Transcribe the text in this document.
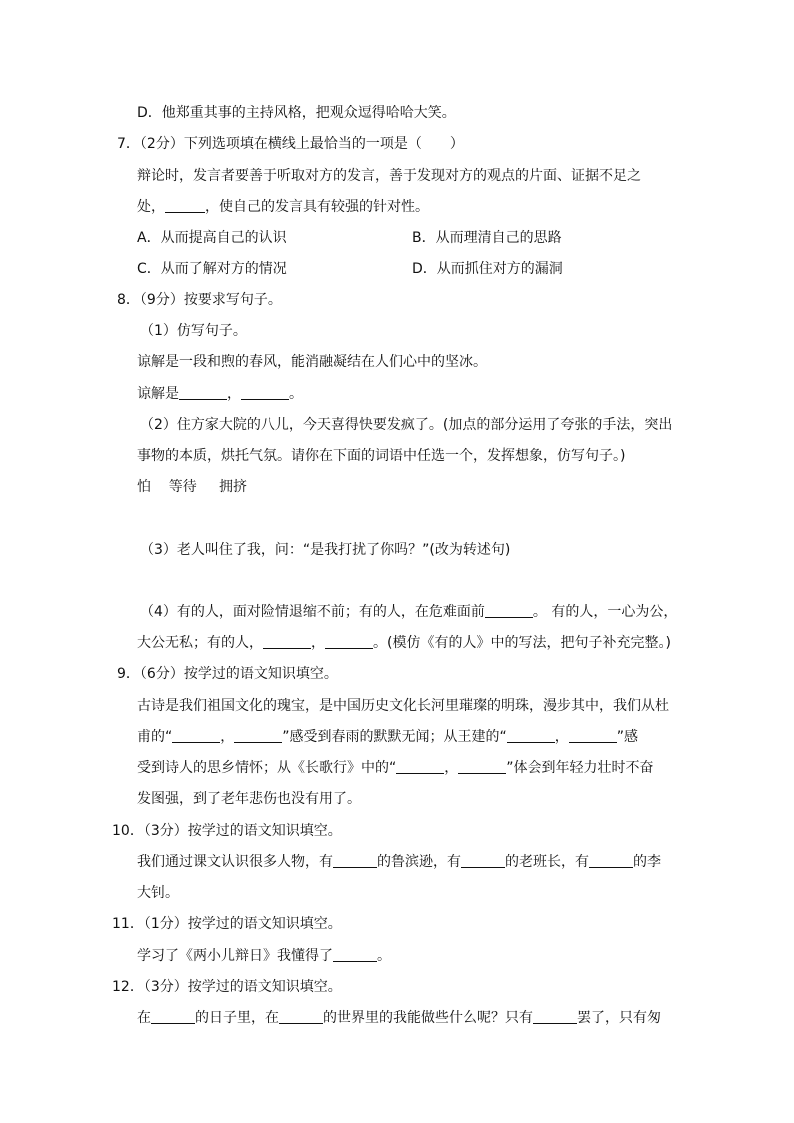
D．他郑重其事的主持风格，把观众逗得哈哈大笑。
7．（2分）下列选项填在横线上最恰当的一项是（ ）
辩论时，发言者要善于听取对方的发言，善于发现对方的观点的片面、证据不足之
处，	，使自己的发言具有较强的针对性。
A．从而提高自己的认识	B．从而理清自己的思路
C．从而了解对方的情况	D．从而抓住对方的漏洞
8．（9分）按要求写句子。
（1）仿写句子。
谅解是一段和煦的春风，能消融凝结在人们心中的坚冰。
谅解是	，	。
（2）住方家大院的八儿，今天喜得快要发疯了。(加点的部分运用了夸张的手法，突出
事物的本质，烘托气氛。请你在下面的词语中任选一个，发挥想象，仿写句子。)
怕    等待     拥挤
（3）老人叫住了我，问：“是我打扰了你吗？”(改为转述句)
（4）有的人，面对险情退缩不前；有的人，在危难面前	。 有的人，一心为公，
大公无私；有的人，	，	。(模仿《有的人》中的写法，把句子补充完整。)
9．（6分）按学过的语文知识填空。
古诗是我们祖国文化的瑰宝，是中国历史文化长河里璀璨的明珠，漫步其中，我们从杜
甫的“	，	”感受到春雨的默默无闻；从王建的“	，	”感
受到诗人的思乡情怀；从《长歌行》中的“	，	”体会到年轻力壮时不奋
发图强，到了老年悲伤也没有用了。
10．（3分）按学过的语文知识填空。
我们通过课文认识很多人物，有	的鲁滨逊，有	的老班长，有	的李
大钊。
11．（1分）按学过的语文知识填空。
学习了《两小儿辩日》我懂得了	。
12．（3分）按学过的语文知识填空。
在	的日子里，在	的世界里的我能做些什么呢？只有	罢了，只有匆
